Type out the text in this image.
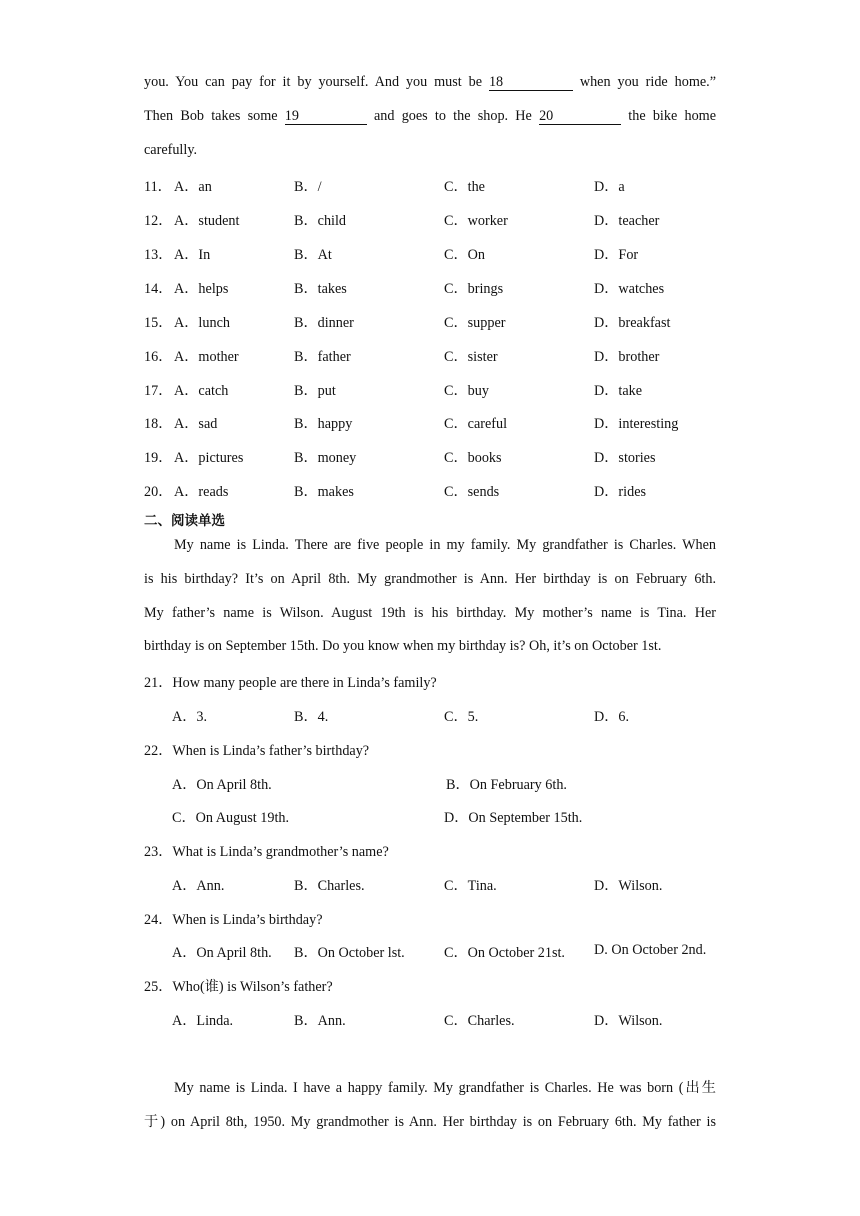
you. You can pay for it by yourself. And you must be 18	when you ride home.”
Then Bob takes some 19	and goes to the shop. He 20	the bike home
carefully.
11． A．an	B．/	C．the	D．a
12． A．student	B．child	C．worker	D．teacher
13． A．In	B．At	C．On	D．For
14． A．helps	B．takes	C．brings	D．watches
15． A．lunch	B．dinner	C．supper	D．breakfast
16． A．mother	B．father	C．sister	D．brother
17． A．catch	B．put	C．buy	D．take
18． A．sad	B．happy	C．careful	D．interesting
19． A．pictures	B．money	C．books	D．stories
20． A．reads	B．makes	C．sends	D．rides
二、阅读单选
My name is Linda. There are five people in my family. My grandfather is Charles. When
is his birthday? It’s on April 8th. My grandmother is Ann. Her birthday is on February 6th.
My father’s name is Wilson. August 19th is his birthday. My mother’s name is Tina. Her
birthday is on September 15th. Do you know when my birthday is? Oh, it’s on October 1st.
21．How many people are there in Linda’s family?
A．3.	B．4.	C．5.	D．6.
22．When is Linda’s father’s birthday?
A．On April 8th.	B．On February 6th.
C．On August 19th.	D．On September 15th.
23．What is Linda’s grandmother’s name?
A．Ann.	B．Charles.	C．Tina.	D．Wilson.
24．When is Linda’s birthday?
A．On April 8th. B．On October lst.	C．On October 21st. D. On October 2nd.
25．Who(谁) is Wilson’s father?
A．Linda.	B．Ann.	C．Charles.	D．Wilson.
My name is Linda. I have a happy family. My grandfather is Charles. He was born (出生
于) on April 8th, 1950. My grandmother is Ann. Her birthday is on February 6th. My father is
